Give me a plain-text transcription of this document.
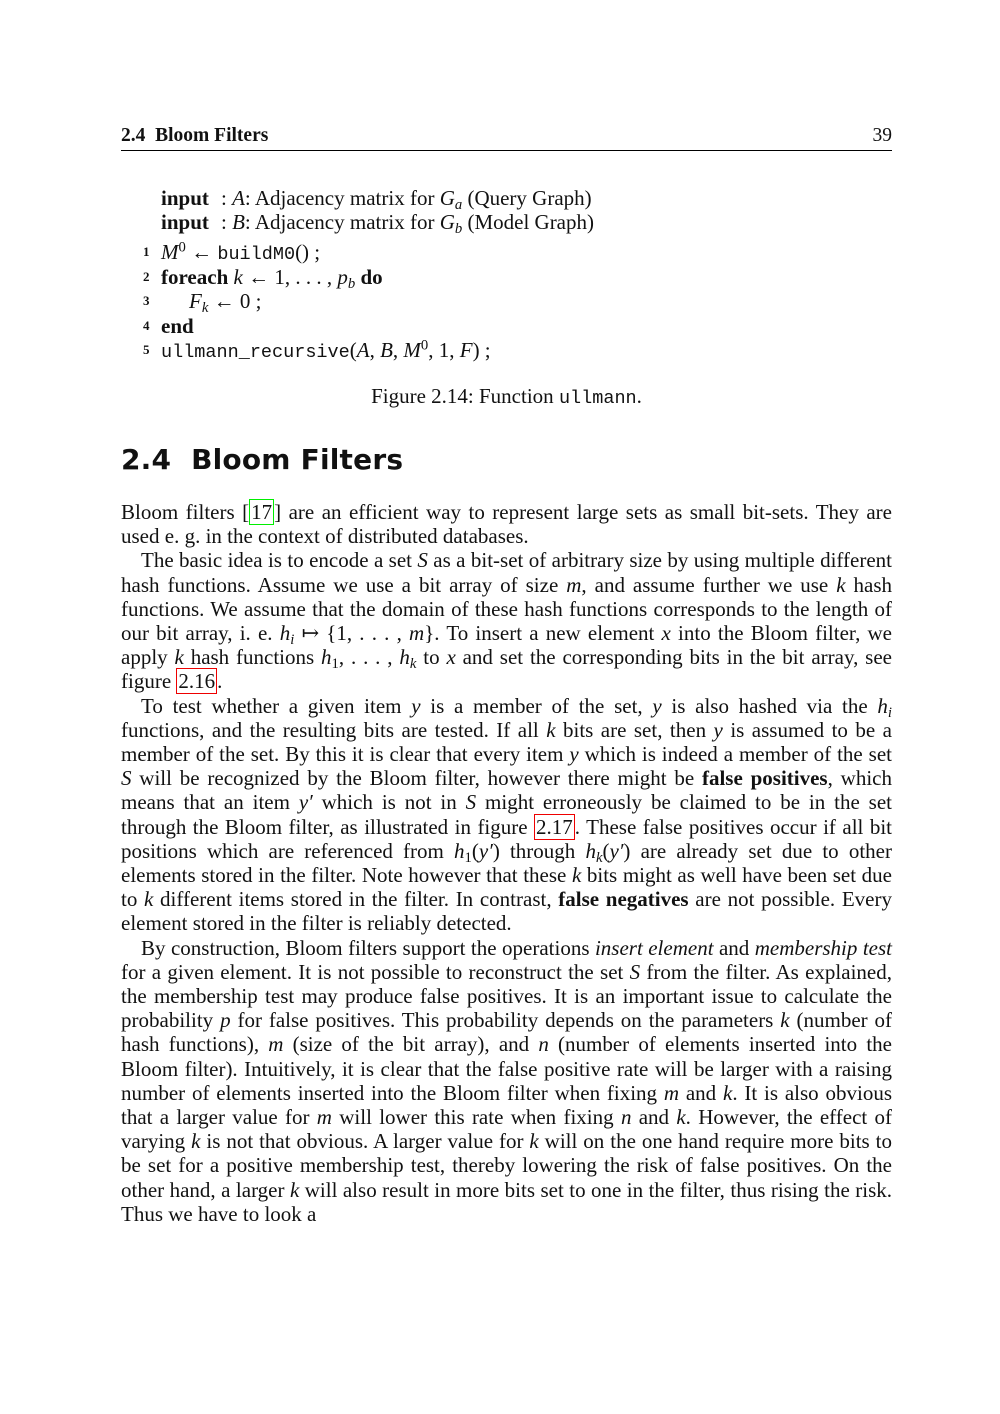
2.4  Bloom Filters	39
input : A: Adjacency matrix for $G_a$ (Query Graph)
input : B: Adjacency matrix for $G_b$ (Model Graph)
1 $M^0$ ← buildM0() ;
2 foreach k ← 1, . . . , $p_b$ do
3 $F_k$ ← 0 ;
4 end
5 ullmann_recursive(A, B, $M^0$, 1, F) ;
Figure 2.14: Function ullmann.
2.4  Bloom Filters

Bloom filters [17] are an efficient way to represent large sets as small bit-sets. They are used e. g. in the context of distributed databases.

The basic idea is to encode a set S as a bit-set of arbitrary size by using multiple different hash functions. Assume we use a bit array of size m, and assume further we use k hash functions. We assume that the domain of these hash functions corresponds to the length of our bit array, i. e. $h_i$ ↦ {1, . . . , m}. To insert a new element x into the Bloom filter, we apply k hash functions $h_1$, . . . , $h_k$ to x and set the corresponding bits in the bit array, see figure 2.16.

To test whether a given item y is a member of the set, y is also hashed via the $h_i$ functions, and the resulting bits are tested. If all k bits are set, then y is assumed to be a member of the set. By this it is clear that every item y which is indeed a member of the set S will be recognized by the Bloom filter, however there might be false positives, which means that an item y′ which is not in S might erroneously be claimed to be in the set through the Bloom filter, as illustrated in figure 2.17. These false positives occur if all bit positions which are referenced from $h_1(y')$ through $h_k(y')$ are already set due to other elements stored in the filter. Note however that these k bits might as well have been set due to k different items stored in the filter. In contrast, false negatives are not possible. Every element stored in the filter is reliably detected.

By construction, Bloom filters support the operations insert element and membership test for a given element. It is not possible to reconstruct the set S from the filter. As explained, the membership test may produce false positives. It is an important issue to calculate the probability p for false positives. This probability depends on the parameters k (number of hash functions), m (size of the bit array), and n (number of elements inserted into the Bloom filter). Intuitively, it is clear that the false positive rate will be larger with a raising number of elements inserted into the Bloom filter when fixing m and k. It is also obvious that a larger value for m will lower this rate when fixing n and k. However, the effect of varying k is not that obvious. A larger value for k will on the one hand require more bits to be set for a positive membership test, thereby lowering the risk of false positives. On the other hand, a larger k will also result in more bits set to one in the filter, thus rising the risk. Thus we have to look a
